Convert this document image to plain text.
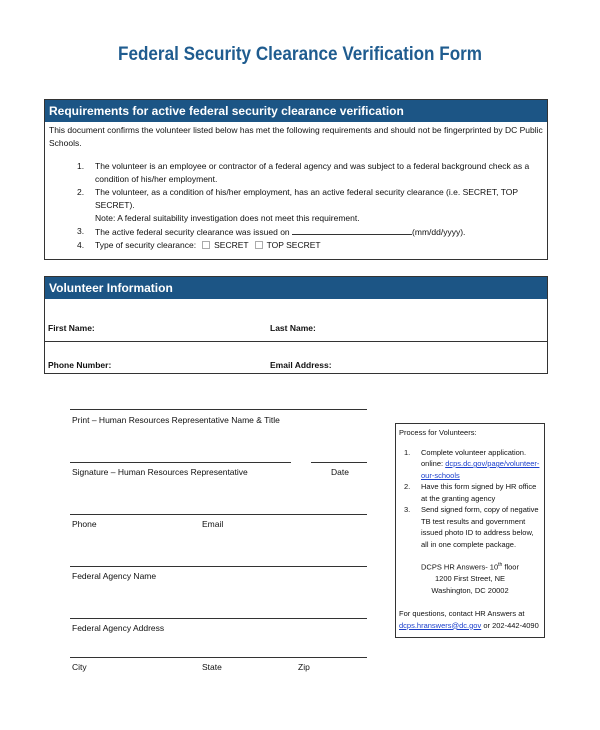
Federal Security Clearance Verification Form
Requirements for active federal security clearance verification
This document confirms the volunteer listed below has met the following requirements and should not be fingerprinted by DC Public Schools.
1.	The volunteer is an employee or contractor of a federal agency and was subject to a federal background check as a condition of his/her employment.
2.	The volunteer, as a condition of his/her employment, has an active federal security clearance (i.e. SECRET, TOP SECRET).
Note: A federal suitability investigation does not meet this requirement.
3.	The active federal security clearance was issued on	(mm/dd/yyyy).
4.	Type of security clearance: SECRET TOP SECRET
Volunteer Information
First Name:	Last Name:
Phone Number:	Email Address:
Print – Human Resources Representative Name & Title
Signature – Human Resources Representative	Date
Phone	Email
Federal Agency Name
Federal Agency Address
City	State	Zip
Process for Volunteers:
1.	Complete volunteer application. online: dcps.dc.gov/page/volunteer-our-schools
2.	Have this form signed by HR office at the granting agency
3.	Send signed form, copy of negative TB test results and government issued photo ID to address below, all in one complete package.
DCPS HR Answers- 10th floor
1200 First Street, NE
Washington, DC 20002
For questions, contact HR Answers at
dcps.hranswers@dc.gov or 202-442-4090
